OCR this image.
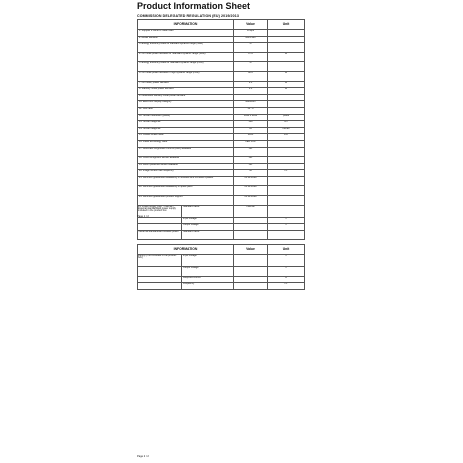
Product Information Sheet
COMMISSION DELEGATED REGULATION (EU) 2019/2013
INFORMATION	Value	Unit
1. Supplier's name or trade mark	Philips	
2. Model identifier	43PUS8X	
3. Energy efficiency class for standard dynamic range (SDR)	G	
4. On mode power demand for Standard dynamic range (SDR)	67.0	W
5. Energy efficiency class for Standard dynamic range (HDR)	G	
6. On mode power demand in high dynamic range (HDR)	98.0	W
7. Off mode, power demand	0.3	W
8. Standby mode power demand	0.3	W
9. Networked standby mode power demand		
10. Electronic display category	television	
11. Size ratio	16 : 9	
12. Screen resolution (pixels)	3840 x 2160	pixels
13. Screen diagonal	108	cm
14. Screen diagonal	43	inches
15. Visible screen area	4955	cm²
16. Panel technology used	LED LCD	
17. Automatic Brightness Control (ABC) available	NO	
18. Voice recognition sensor available	NO	
19. Room presence sensor available	NO	
20. Image refresh rate frequency	50	Hz
21. Minimum guaranteed availability of software and firmware updates	01.12.2028	
22. Minimum guaranteed availability of spare parts	01.12.2028	
23. Minimum guaranteed product support	01.12.2028	

24. Power supply type: - Internal - External standardised power supply included in the product box
Standard name	Internal	

Input voltage		V

Output voltage		V

- External standardised suitable power Standard name		

Page 1 / 2
INFORMATION	Value	Unit

supply (if not included in the product box)
Input voltage		V

Output voltage		V

Required current		A

Frequency		Hz
Page 2 / 2
